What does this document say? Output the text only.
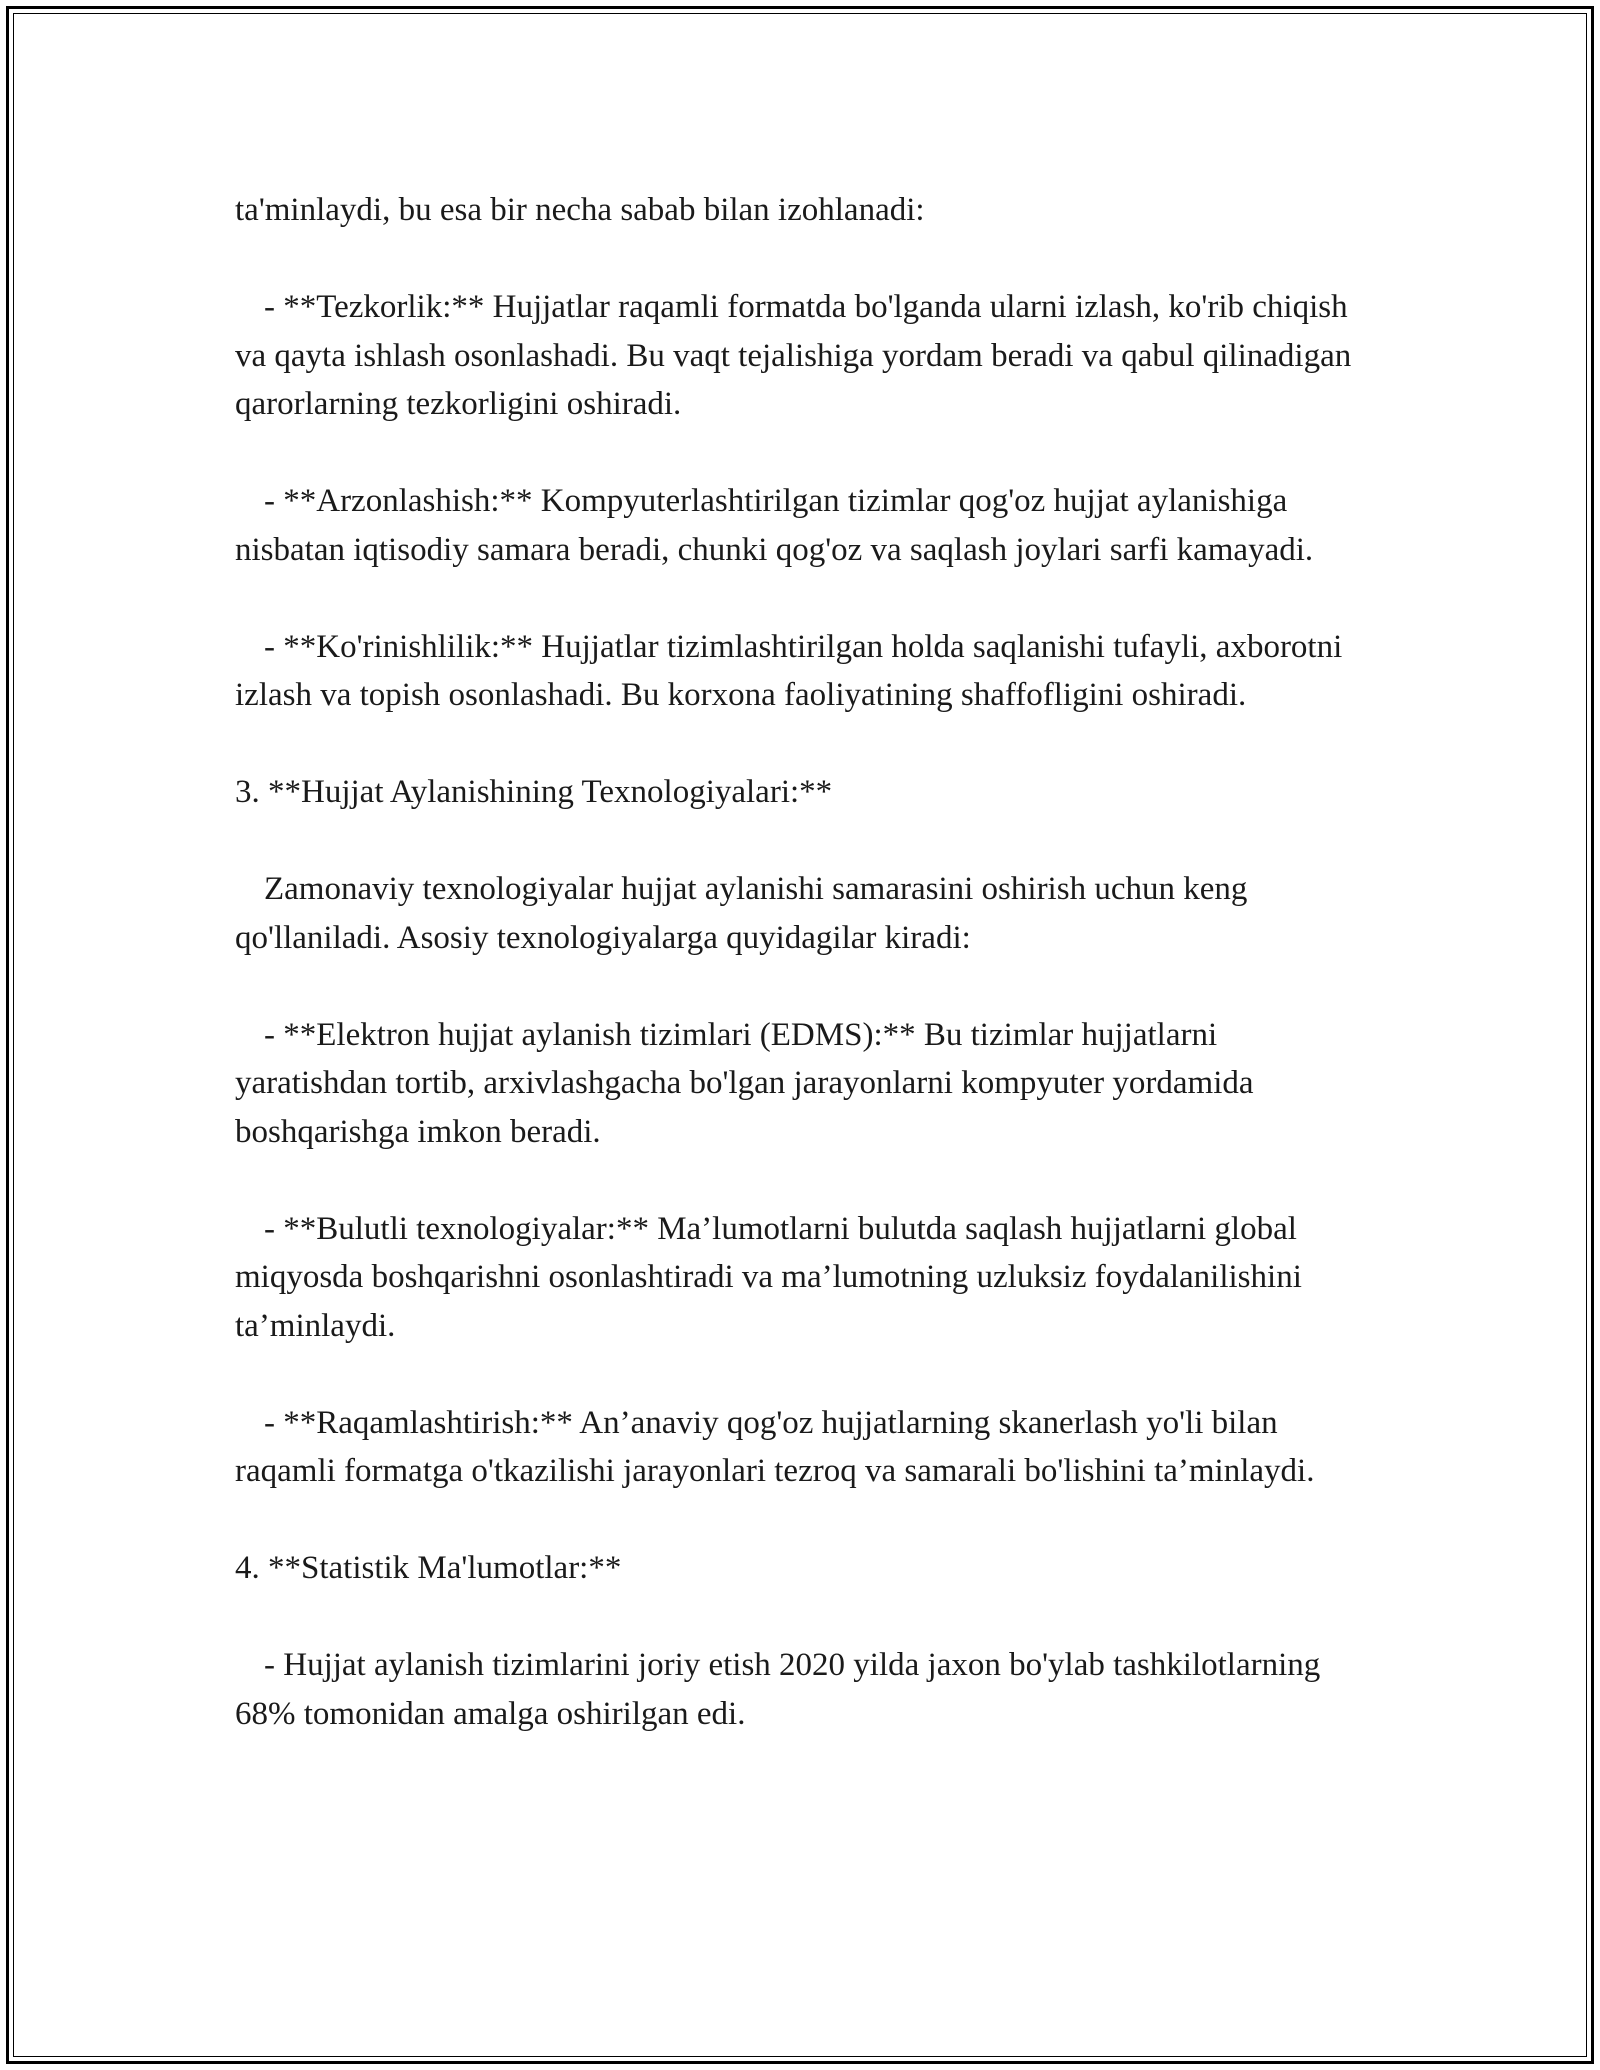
ta'minlaydi, bu esa bir necha sabab bilan izohlanadi:

- **Tezkorlik:** Hujjatlar raqamli formatda bo'lganda ularni izlash, ko'rib chiqish va qayta ishlash osonlashadi. Bu vaqt tejalishiga yordam beradi va qabul qilinadigan qarorlarning tezkorligini oshiradi.

- **Arzonlashish:** Kompyuterlashtirilgan tizimlar qog'oz hujjat aylanishiga nisbatan iqtisodiy samara beradi, chunki qog'oz va saqlash joylari sarfi kamayadi.

- **Ko'rinishlilik:** Hujjatlar tizimlashtirilgan holda saqlanishi tufayli, axborotni izlash va topish osonlashadi. Bu korxona faoliyatining shaffofligini oshiradi.

3. **Hujjat Aylanishining Texnologiyalari:**

Zamonaviy texnologiyalar hujjat aylanishi samarasini oshirish uchun keng qo'llaniladi. Asosiy texnologiyalarga quyidagilar kiradi:

- **Elektron hujjat aylanish tizimlari (EDMS):** Bu tizimlar hujjatlarni yaratishdan tortib, arxivlashgacha bo'lgan jarayonlarni kompyuter yordamida boshqarishga imkon beradi.

- **Bulutli texnologiyalar:** Ma’lumotlarni bulutda saqlash hujjatlarni global miqyosda boshqarishni osonlashtiradi va ma’lumotning uzluksiz foydalanilishini ta’minlaydi.

- **Raqamlashtirish:** An’anaviy qog'oz hujjatlarning skanerlash yo'li bilan raqamli formatga o'tkazilishi jarayonlari tezroq va samarali bo'lishini ta’minlaydi.

4. **Statistik Ma'lumotlar:**

- Hujjat aylanish tizimlarini joriy etish 2020 yilda jaxon bo'ylab tashkilotlarning 68% tomonidan amalga oshirilgan edi.
